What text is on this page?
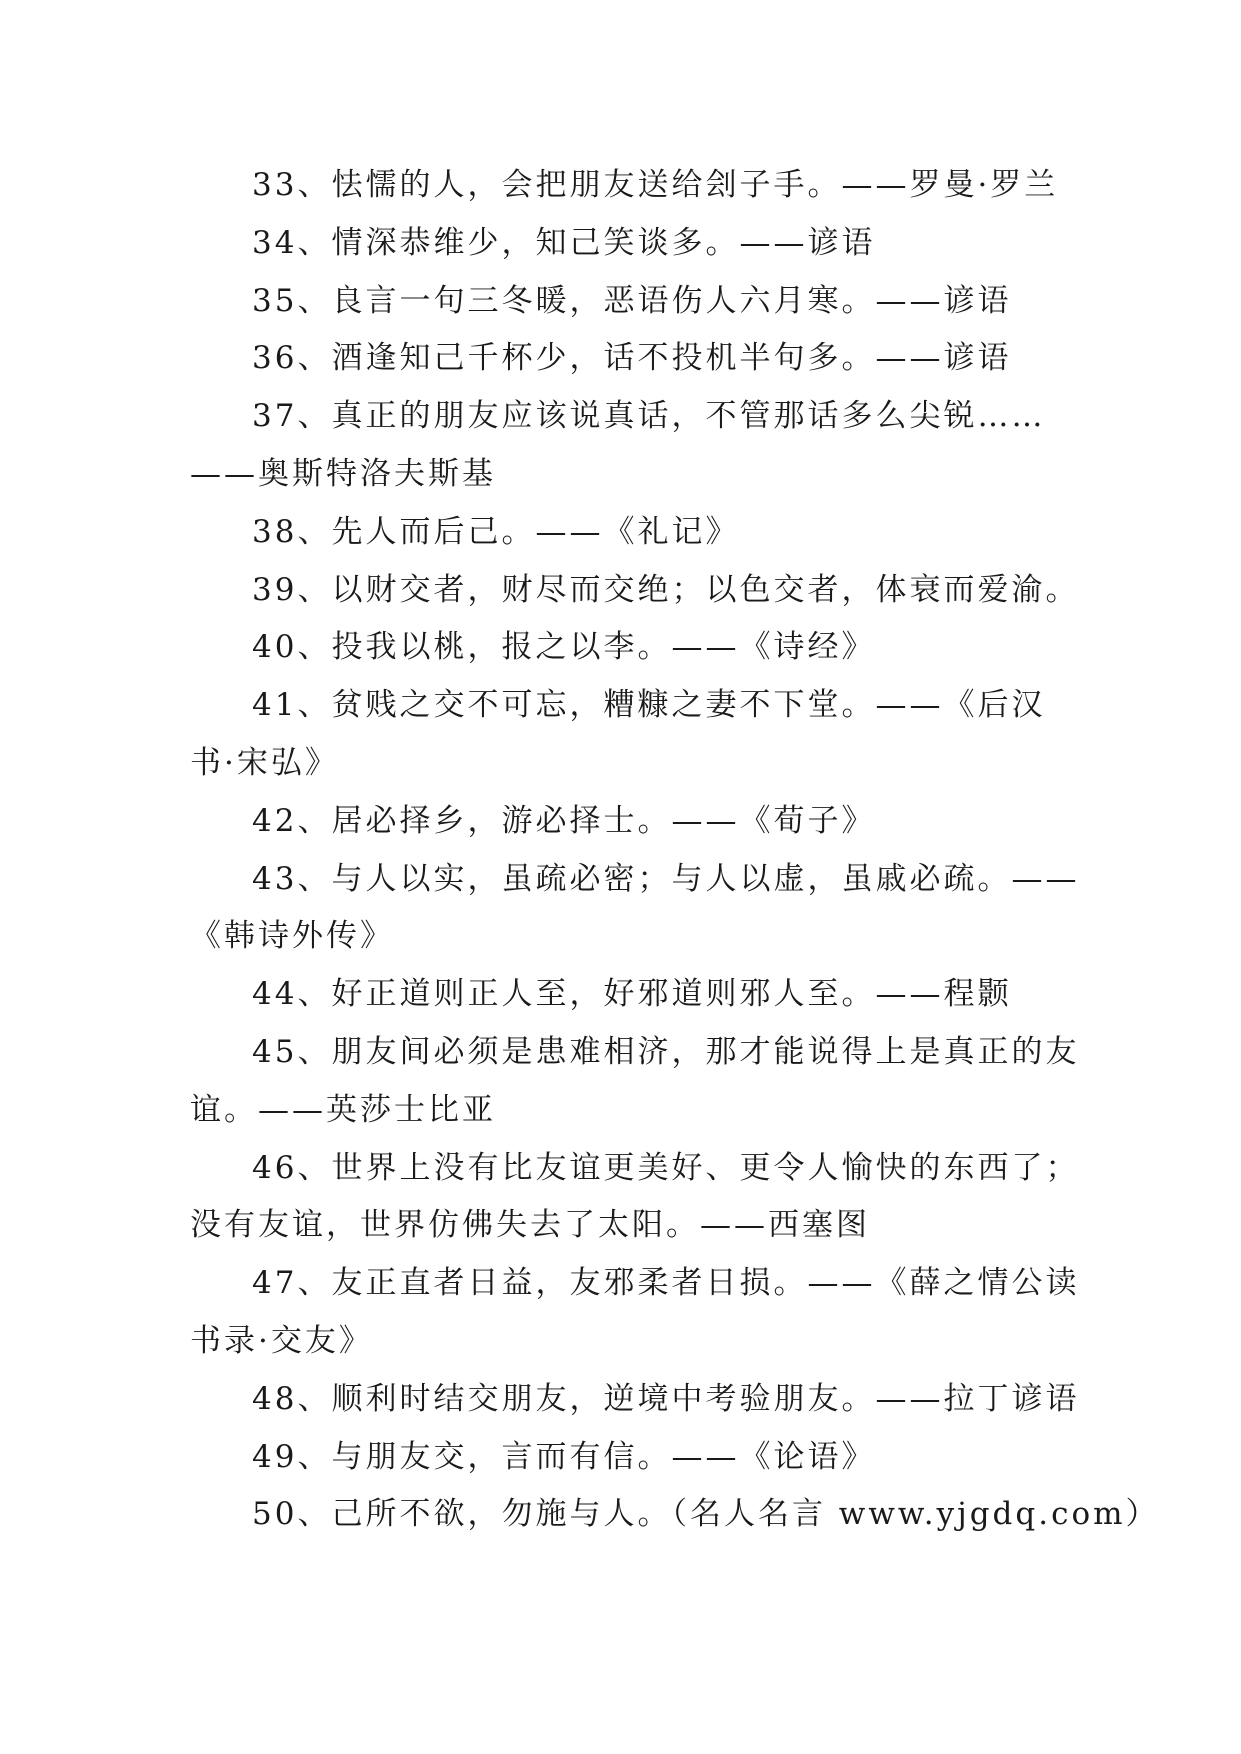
33、怯懦的人，会把朋友送给刽子手。——罗曼·罗兰
34、情深恭维少，知己笑谈多。——谚语
35、良言一句三冬暖，恶语伤人六月寒。——谚语
36、酒逢知己千杯少，话不投机半句多。——谚语
37、真正的朋友应该说真话，不管那话多么尖锐……
——奥斯特洛夫斯基
38、先人而后己。——《礼记》
39、以财交者，财尽而交绝；以色交者，体衰而爱渝。
40、投我以桃，报之以李。——《诗经》
41、贫贱之交不可忘，糟糠之妻不下堂。——《后汉
书·宋弘》
42、居必择乡，游必择士。——《荀子》
43、与人以实，虽疏必密；与人以虚，虽戚必疏。——
《韩诗外传》
44、好正道则正人至，好邪道则邪人至。——程颢
45、朋友间必须是患难相济，那才能说得上是真正的友
谊。——英莎士比亚
46、世界上没有比友谊更美好、更令人愉快的东西了；
没有友谊，世界仿佛失去了太阳。——西塞图
47、友正直者日益，友邪柔者日损。——《薛之情公读
书录·交友》
48、顺利时结交朋友，逆境中考验朋友。——拉丁谚语
49、与朋友交，言而有信。——《论语》
50、己所不欲，勿施与人。（名人名言 www.yjgdq.com）
